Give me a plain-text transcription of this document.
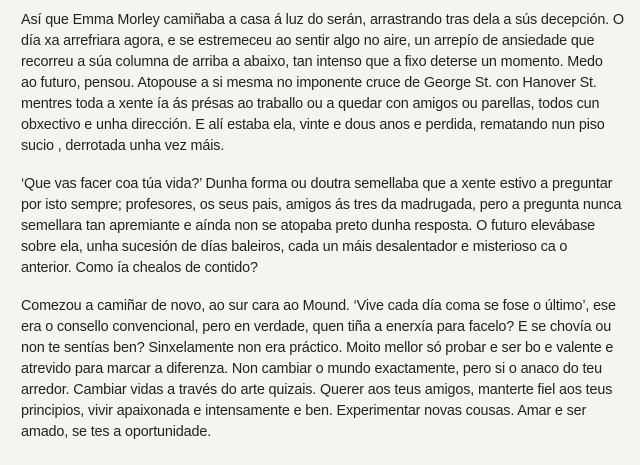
Así que Emma Morley camiñaba a casa á luz do serán, arrastrando tras dela a sús decepción. O
día xa arrefriara agora, e se estremeceu ao sentir algo no aire, un arrepío de ansiedade que
recorreu a súa columna de arriba a abaixo, tan intenso que a fixo deterse un momento. Medo
ao futuro, pensou. Atopouse a si mesma no imponente cruce de George St. con Hanover St.
mentres toda a xente ía ás présas ao traballo ou a quedar con amigos ou parellas, todos cun
obxectivo e unha dirección. E alí estaba ela, vinte e dous anos e perdida, rematando nun piso
sucio , derrotada unha vez máis.

‘Que vas facer coa túa vida?’ Dunha forma ou doutra semellaba que a xente estivo a preguntar
por isto sempre; profesores, os seus pais, amigos ás tres da madrugada, pero a pregunta nunca
semellara tan apremiante e aínda non se atopaba preto dunha resposta. O futuro elevábase
sobre ela, unha sucesión de días baleiros, cada un máis desalentador e misterioso ca o
anterior. Como ía chealos de contido?

Comezou a camiñar de novo, ao sur cara ao Mound. ‘Vive cada día coma se fose o último’, ese
era o consello convencional, pero en verdade, quen tiña a enerxía para facelo? E se chovía ou
non te sentías ben? Sinxelamente non era práctico. Moito mellor só probar e ser bo e valente e
atrevido para marcar a diferenza. Non cambiar o mundo exactamente, pero si o anaco do teu
arredor. Cambiar vidas a través do arte quizais. Querer aos teus amigos, manterte fiel aos teus
principios, vivir apaixonada e intensamente e ben. Experimentar novas cousas. Amar e ser
amado, se tes a oportunidade.
